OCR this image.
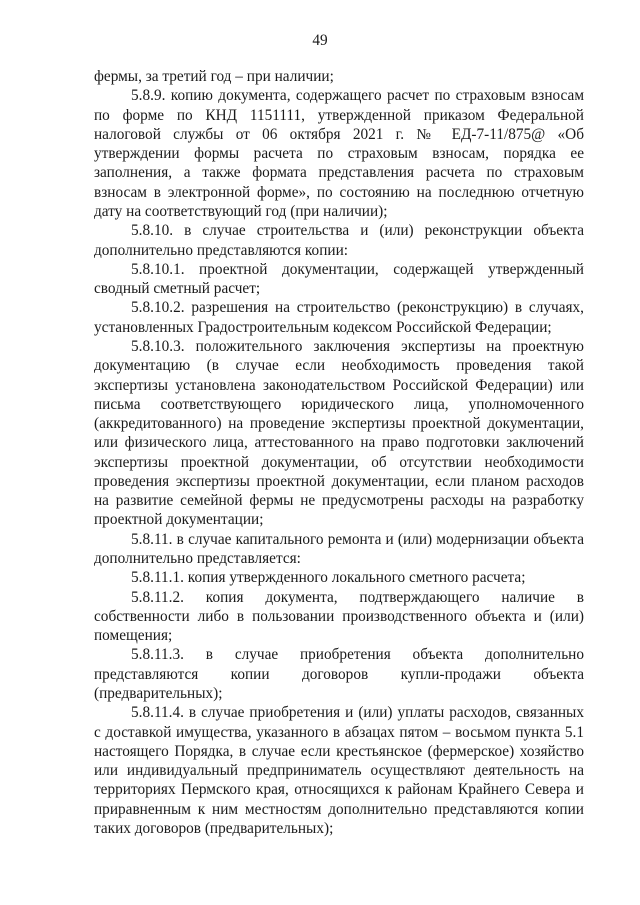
49

фермы, за третий год – при наличии;

5.8.9. копию документа, содержащего расчет по страховым взносам по форме по КНД 1151111, утвержденной приказом Федеральной налоговой службы от 06 октября 2021 г. № ЕД-7-11/875@ «Об утверждении формы расчета по страховым взносам, порядка ее заполнения, а также формата представления расчета по страховым взносам в электронной форме», по состоянию на последнюю отчетную дату на соответствующий год (при наличии);

5.8.10. в случае строительства и (или) реконструкции объекта дополнительно представляются копии:

5.8.10.1. проектной документации, содержащей утвержденный сводный сметный расчет;

5.8.10.2. разрешения на строительство (реконструкцию) в случаях, установленных Градостроительным кодексом Российской Федерации;

5.8.10.3. положительного заключения экспертизы на проектную документацию (в случае если необходимость проведения такой экспертизы установлена законодательством Российской Федерации) или письма соответствующего юридического лица, уполномоченного (аккредитованного) на проведение экспертизы проектной документации, или физического лица, аттестованного на право подготовки заключений экспертизы проектной документации, об отсутствии необходимости проведения экспертизы проектной документации, если планом расходов на развитие семейной фермы не предусмотрены расходы на разработку проектной документации;

5.8.11. в случае капитального ремонта и (или) модернизации объекта дополнительно представляется:

5.8.11.1. копия утвержденного локального сметного расчета;

5.8.11.2. копия документа, подтверждающего наличие в собственности либо в пользовании производственного объекта и (или) помещения;

5.8.11.3. в случае приобретения объекта дополнительно представляются копии договоров купли-продажи объекта (предварительных);

5.8.11.4. в случае приобретения и (или) уплаты расходов, связанных с доставкой имущества, указанного в абзацах пятом – восьмом пункта 5.1 настоящего Порядка, в случае если крестьянское (фермерское) хозяйство или индивидуальный предприниматель осуществляют деятельность на территориях Пермского края, относящихся к районам Крайнего Севера и приравненным к ним местностям дополнительно представляются копии таких договоров (предварительных);
